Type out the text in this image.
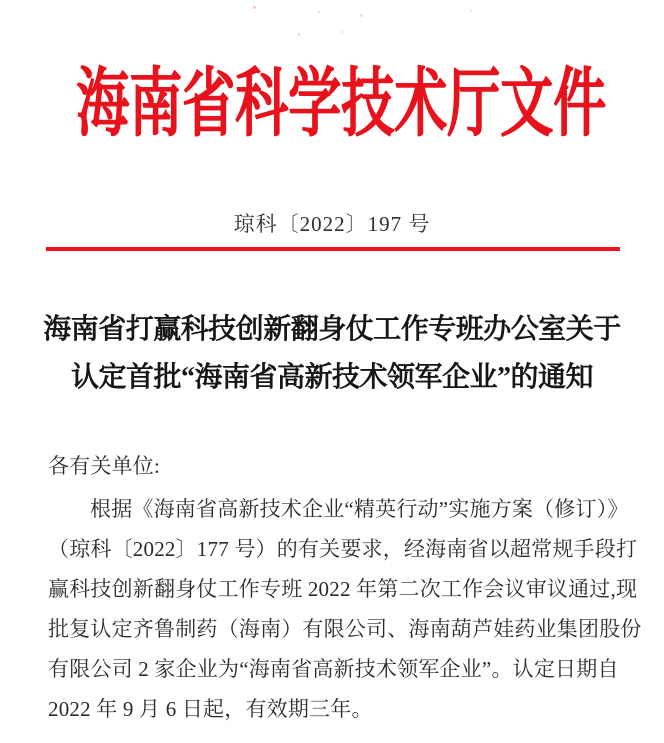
海南省科学技术厅文件
琼科〔2022〕197 号
海南省打赢科技创新翻身仗工作专班办公室关于
认定首批“海南省高新技术领军企业”的通知
各有关单位:
根据《海南省高新技术企业“精英行动”实施方案（修订）》
（琼科〔2022〕177 号）的有关要求，经海南省以超常规手段打
赢科技创新翻身仗工作专班 2022 年第二次工作会议审议通过,现
批复认定齐鲁制药（海南）有限公司、海南葫芦娃药业集团股份
有限公司 2 家企业为“海南省高新技术领军企业”。认定日期自
2022 年 9 月 6 日起，有效期三年。
